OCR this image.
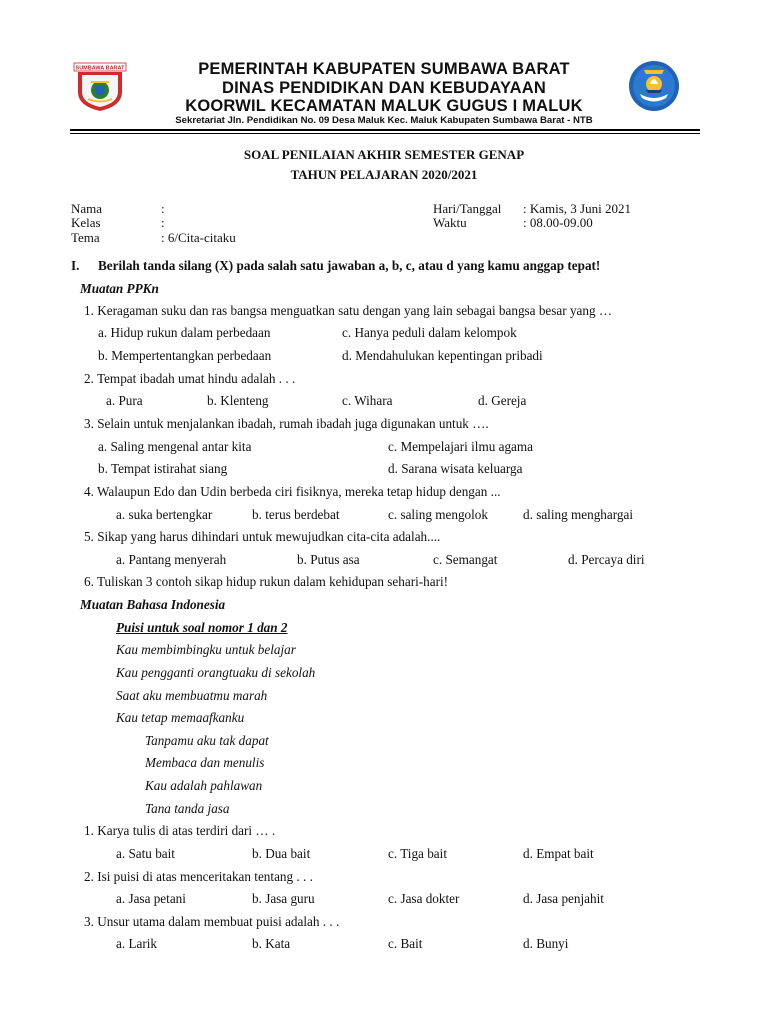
SUMBAWA BARAT	PEMERINTAH KABUPATEN SUMBAWA BARAT
DINAS PENDIDIKAN DAN KEBUDAYAAN
KOORWIL KECAMATAN MALUK GUGUS I MALUK
Sekretariat Jln. Pendidikan No. 09 Desa Maluk Kec. Maluk Kabupaten Sumbawa Barat - NTB
SOAL PENILAIAN AKHIR SEMESTER GENAP
TAHUN PELAJARAN 2020/2021
Nama	:
Kelas	:
Tema	: 6/Cita-citaku
Hari/Tanggal : Kamis, 3 Juni 2021
Waktu	: 08.00-09.00
I. Berilah tanda silang (X) pada salah satu jawaban a, b, c, atau d yang kamu anggap tepat!
Muatan PPKn
1. Keragaman suku dan ras bangsa menguatkan satu dengan yang lain sebagai bangsa besar yang …
a. Hidup rukun dalam perbedaan	c. Hanya peduli dalam kelompok
b. Mempertentangkan perbedaan	d. Mendahulukan kepentingan pribadi
2. Tempat ibadah umat hindu adalah . . .
a. Pura	b. Klenteng	c. Wihara	d. Gereja
3. Selain untuk menjalankan ibadah, rumah ibadah juga digunakan untuk ….
a. Saling mengenal antar kita	c. Mempelajari ilmu agama
b. Tempat istirahat siang	d. Sarana wisata keluarga
4. Walaupun Edo dan Udin berbeda ciri fisiknya, mereka tetap hidup dengan ...
a. suka bertengkar	b. terus berdebat	c. saling mengolok	d. saling menghargai
5. Sikap yang harus dihindari untuk mewujudkan cita-cita adalah....
a. Pantang menyerah	b. Putus asa	c. Semangat	d. Percaya diri
6. Tuliskan 3 contoh sikap hidup rukun dalam kehidupan sehari-hari!
Muatan Bahasa Indonesia
Puisi untuk soal nomor 1 dan 2
Kau membimbingku untuk belajar
Kau pengganti orangtuaku di sekolah
Saat aku membuatmu marah
Kau tetap memaafkanku
Tanpamu aku tak dapat
Membaca dan menulis
Kau adalah pahlawan
Tana tanda jasa
1. Karya tulis di atas terdiri dari … .
a. Satu bait	b. Dua bait	c. Tiga bait	d. Empat bait
2. Isi puisi di atas menceritakan tentang . . .
a. Jasa petani	b. Jasa guru	c. Jasa dokter	d. Jasa penjahit
3. Unsur utama dalam membuat puisi adalah . . .
a. Larik	b. Kata	c. Bait	d. Bunyi
